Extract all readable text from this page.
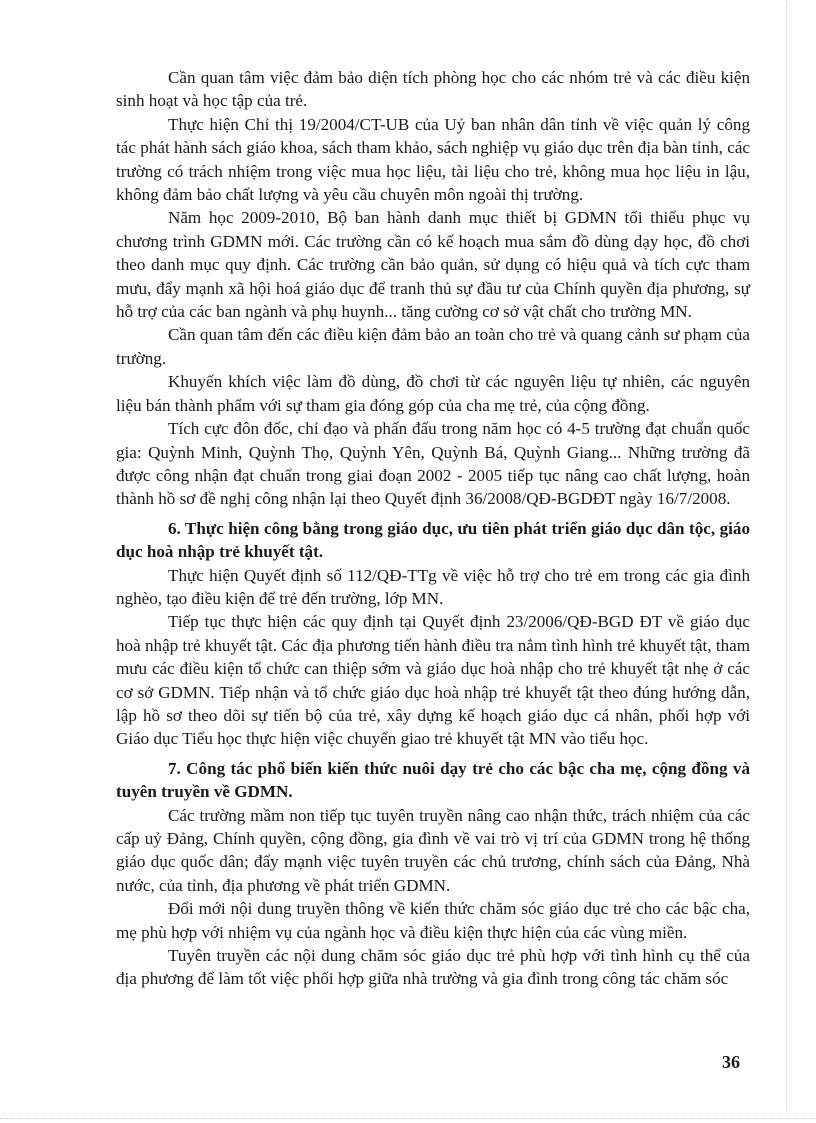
Cần quan tâm việc đảm bảo diện tích phòng học cho các nhóm trẻ và các điều kiện sinh hoạt và học tập của trẻ.

Thực hiện Chỉ thị 19/2004/CT-UB của Uỷ ban nhân dân tỉnh về việc quản lý công tác phát hành sách giáo khoa, sách tham khảo, sách nghiệp vụ giáo dục trên địa bàn tỉnh, các trường có trách nhiệm trong việc mua học liệu, tài liệu cho trẻ, không mua học liệu in lậu, không đảm bảo chất lượng và yêu cầu chuyên môn ngoài thị trường.

Năm học 2009-2010, Bộ ban hành danh mục thiết bị GDMN tối thiểu phục vụ chương trình GDMN mới. Các trường cần có kế hoạch mua sắm đồ dùng dạy học, đồ chơi theo danh mục quy định. Các trường cần bảo quản, sử dụng có hiệu quả và tích cực tham mưu, đẩy mạnh xã hội hoá giáo dục để tranh thủ sự đầu tư của Chính quyền địa phương, sự hỗ trợ của các ban ngành và phụ huynh... tăng cường cơ sở vật chất cho trường MN.

Cần quan tâm đến các điều kiện đảm bảo an toàn cho trẻ và quang cảnh sư phạm của trường.

Khuyến khích việc làm đồ dùng, đồ chơi từ các nguyên liệu tự nhiên, các nguyên liệu bán thành phẩm với sự tham gia đóng góp của cha mẹ trẻ, của cộng đồng.

Tích cực đôn đốc, chỉ đạo và phấn đấu trong năm học có 4-5 trường đạt chuẩn quốc gia: Quỳnh Minh, Quỳnh Thọ, Quỳnh Yên, Quỳnh Bá, Quỳnh Giang... Những trường đã được công nhận đạt chuẩn trong giai đoạn 2002 - 2005 tiếp tục nâng cao chất lượng, hoàn thành hồ sơ đề nghị công nhận lại theo Quyết định 36/2008/QĐ-BGDĐT ngày 16/7/2008.

6. Thực hiện công bằng trong giáo dục, ưu tiên phát triển giáo dục dân tộc, giáo dục hoà nhập trẻ khuyết tật.

Thực hiện Quyết định số 112/QĐ-TTg về việc hỗ trợ cho trẻ em trong các gia đình nghèo, tạo điều kiện để trẻ đến trường, lớp MN.

Tiếp tục thực hiện các quy định tại Quyết định 23/2006/QĐ-BGD ĐT về giáo dục hoà nhập trẻ khuyết tật. Các địa phương tiến hành điều tra nắm tình hình trẻ khuyết tật, tham mưu các điều kiện tổ chức can thiệp sớm và giáo dục hoà nhập cho trẻ khuyết tật nhẹ ở các cơ sở GDMN. Tiếp nhận và tổ chức giáo dục hoà nhập trẻ khuyết tật theo đúng hướng dẫn, lập hồ sơ theo dõi sự tiến bộ của trẻ, xây dựng kế hoạch giáo dục cá nhân, phối hợp với Giáo dục Tiểu học thực hiện việc chuyển giao trẻ khuyết tật MN vào tiểu học.

7. Công tác phổ biến kiến thức nuôi dạy trẻ cho các bậc cha mẹ, cộng đồng và tuyên truyền về GDMN.

Các trường mầm non tiếp tục tuyên truyền nâng cao nhận thức, trách nhiệm của các cấp uỷ Đảng, Chính quyền, cộng đồng, gia đình về vai trò vị trí của GDMN trong hệ thống giáo dục quốc dân; đẩy mạnh việc tuyên truyền các chủ trương, chính sách của Đảng, Nhà nước, của tỉnh, địa phương về phát triển GDMN.

Đổi mới nội dung truyền thông về kiến thức chăm sóc giáo dục trẻ cho các bậc cha, mẹ phù hợp với nhiệm vụ của ngành học và điều kiện thực hiện của các vùng miền.

Tuyên truyền các nội dung chăm sóc giáo dục trẻ phù hợp với tình hình cụ thể của địa phương để làm tốt việc phối hợp giữa nhà trường và gia đình trong công tác chăm sóc

36
